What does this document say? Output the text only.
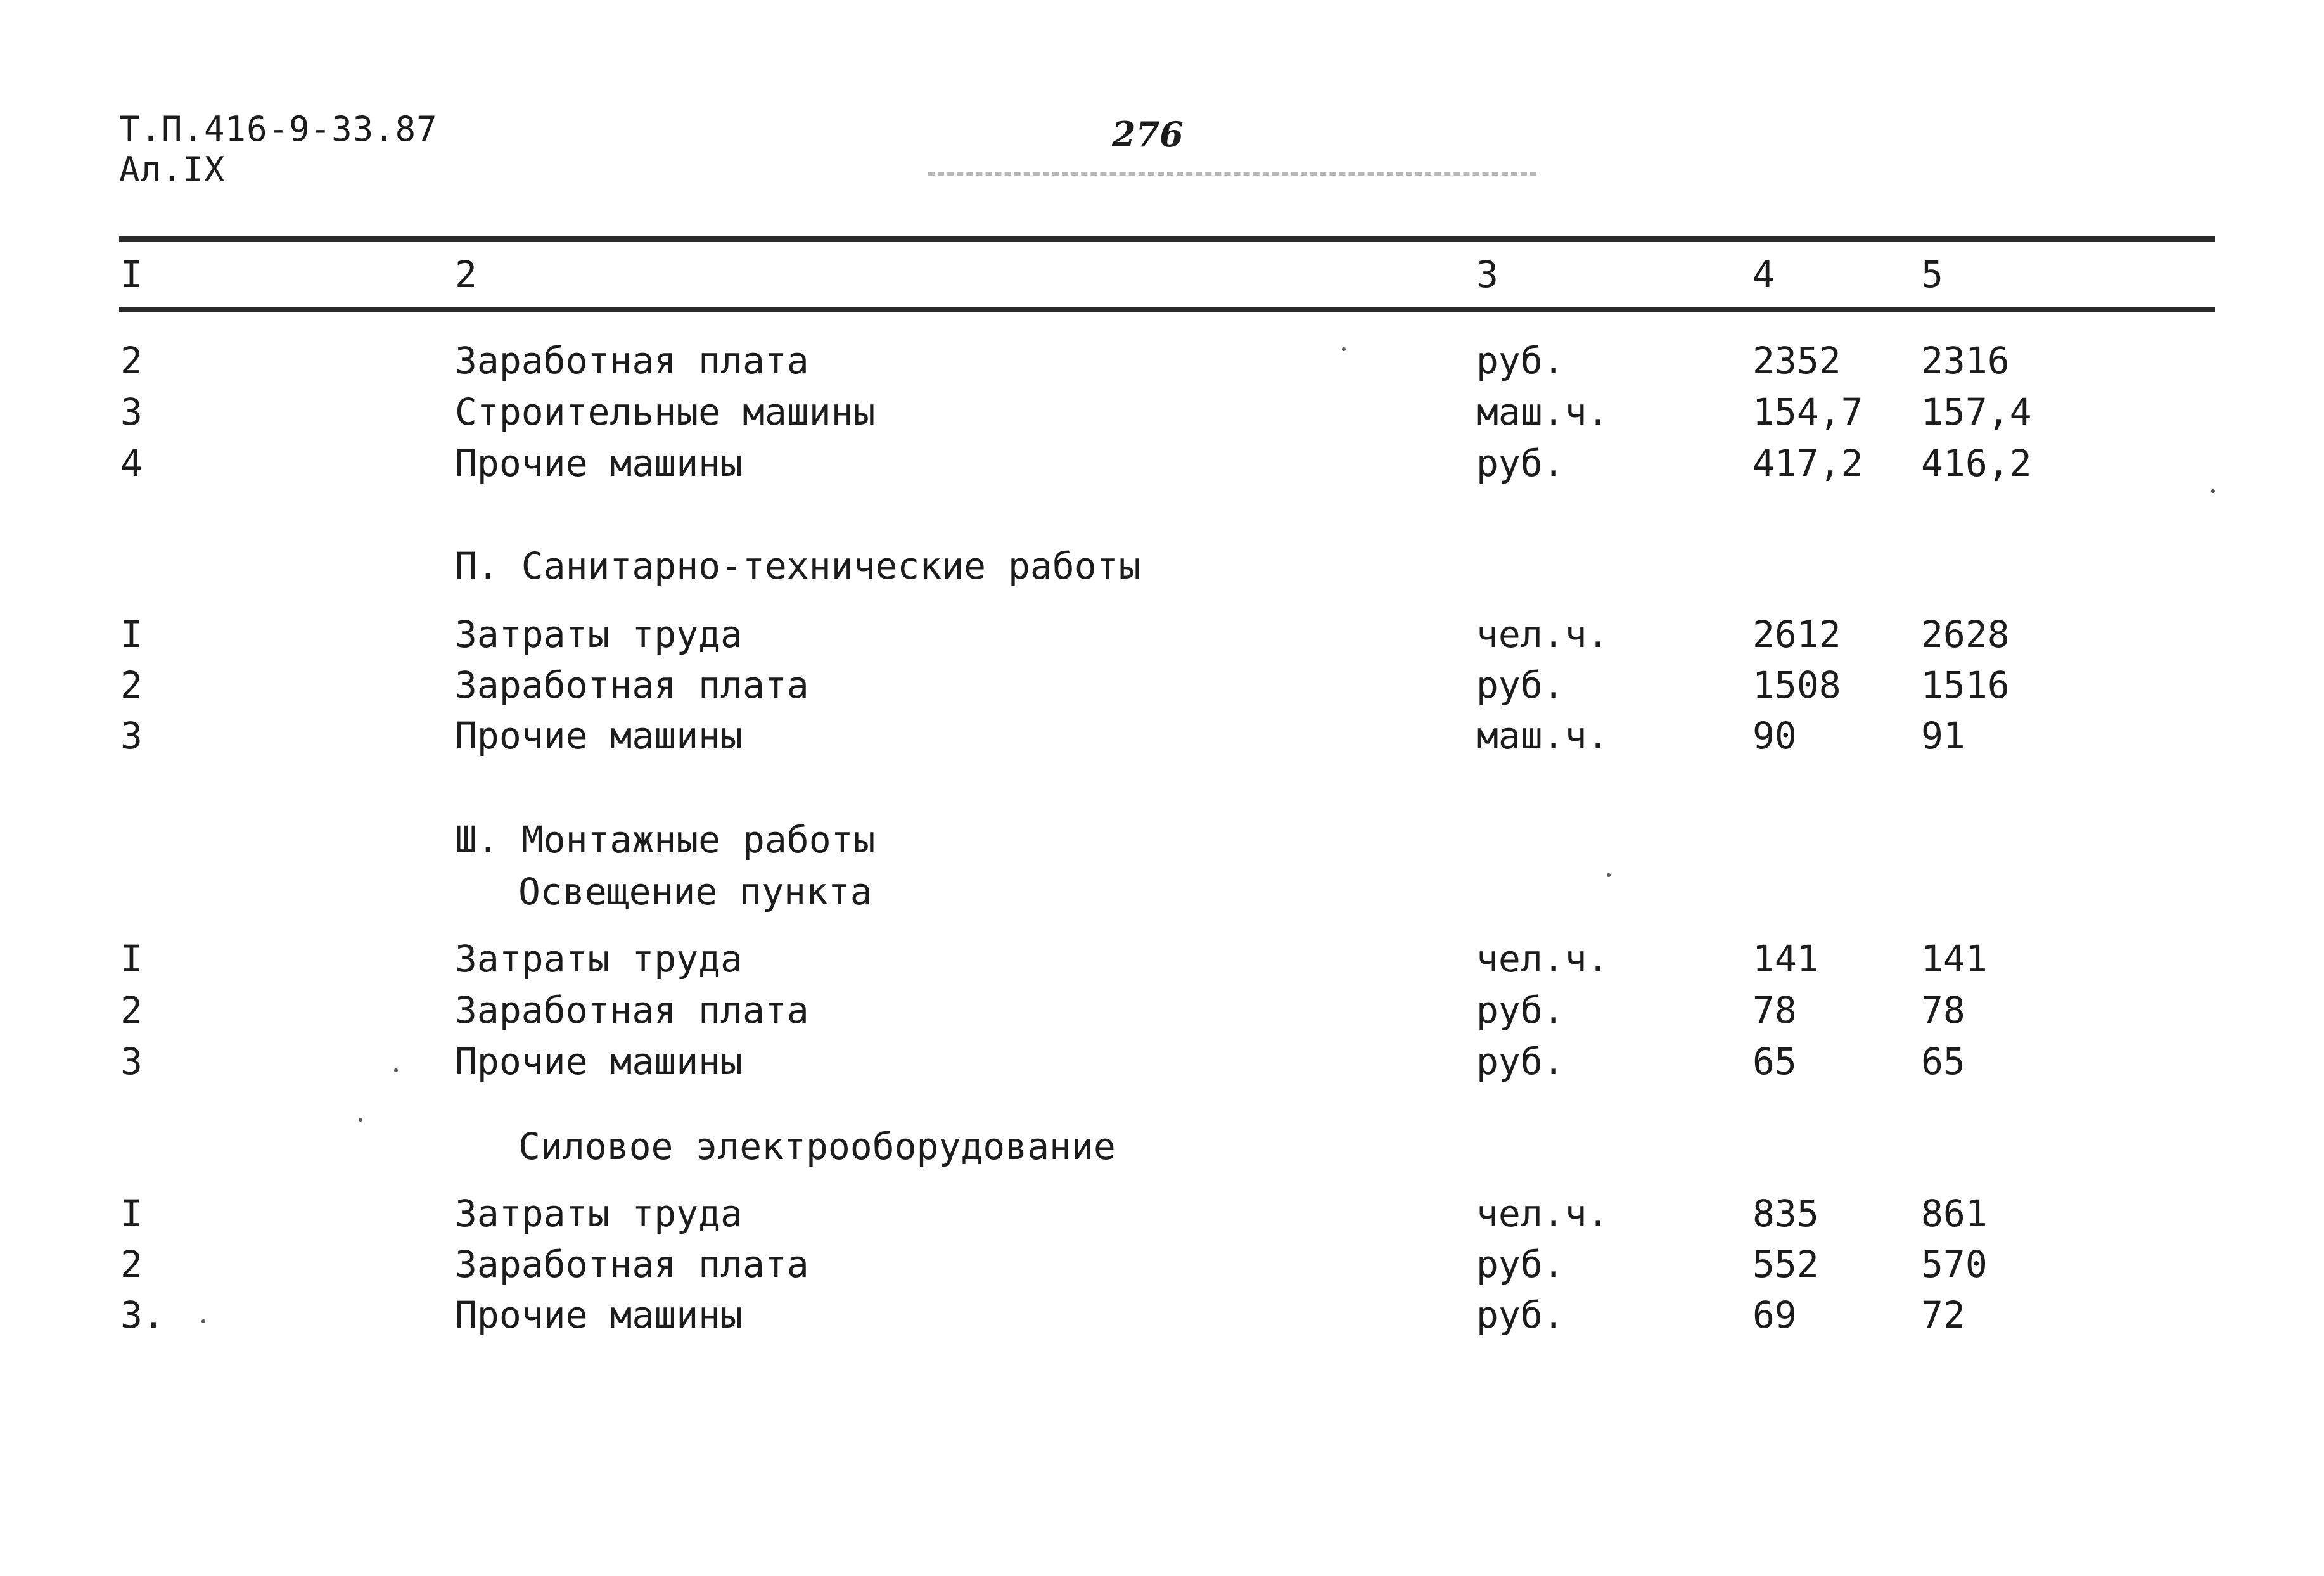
Т.П.416-9-33.87
Ал.IX
276
I	2	3	4	5
2	Заработная плата	руб.	2352 2316
3	Строительные машины	маш.ч.	154,7 157,4
4	Прочие машины	руб.	417,2 416,2
П. Санитарно-технические работы
I	Затраты труда	чел.ч.	2612 2628
2	Заработная плата	руб.	1508 1516
3	Прочие машины	маш.ч.	90	91
Ш. Монтажные работы
Освещение пункта
I	Затраты труда	чел.ч.	141	141
2	Заработная плата	руб.	78	78
3	Прочие машины	руб.	65	65
Силовое электрооборудование
I	Затраты труда	чел.ч.	835	861
2	Заработная плата	руб.	552	570
3.	Прочие машины	руб.	69	72
